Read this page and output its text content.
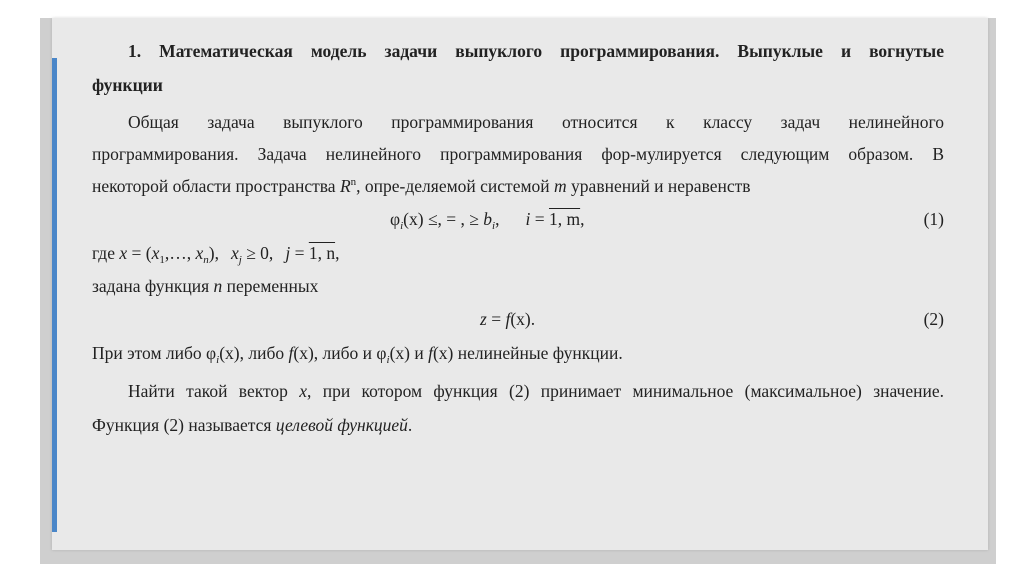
1. Математическая модель задачи выпуклого программирования. Выпуклые и вогнутые
функции

Общая задача выпуклого программирования относится к классу задач нелинейного
программирования. Задача нелинейного программирования фор-мулируется следующим образом. В
некоторой области пространства $R^n$, опре-деляемой системой m уравнений и неравенств

$\varphi_i(x)$ ≤, = , ≥ $b_i$, i = 1, m,	(1)
где $x = (x_1,\dots$, $x_n$), $x_j \ge 0$, j = 1, n,

задана функция n переменных

z = f(x).	(2)

При этом либо $\varphi_i(x)$, либо f(x), либо и $\varphi_i(x)$ и f(x) нелинейные функции.

Найти такой вектор x, при котором функция (2) принимает минимальное (максимальное) значение.
Функция (2) называется целевой функцией.
